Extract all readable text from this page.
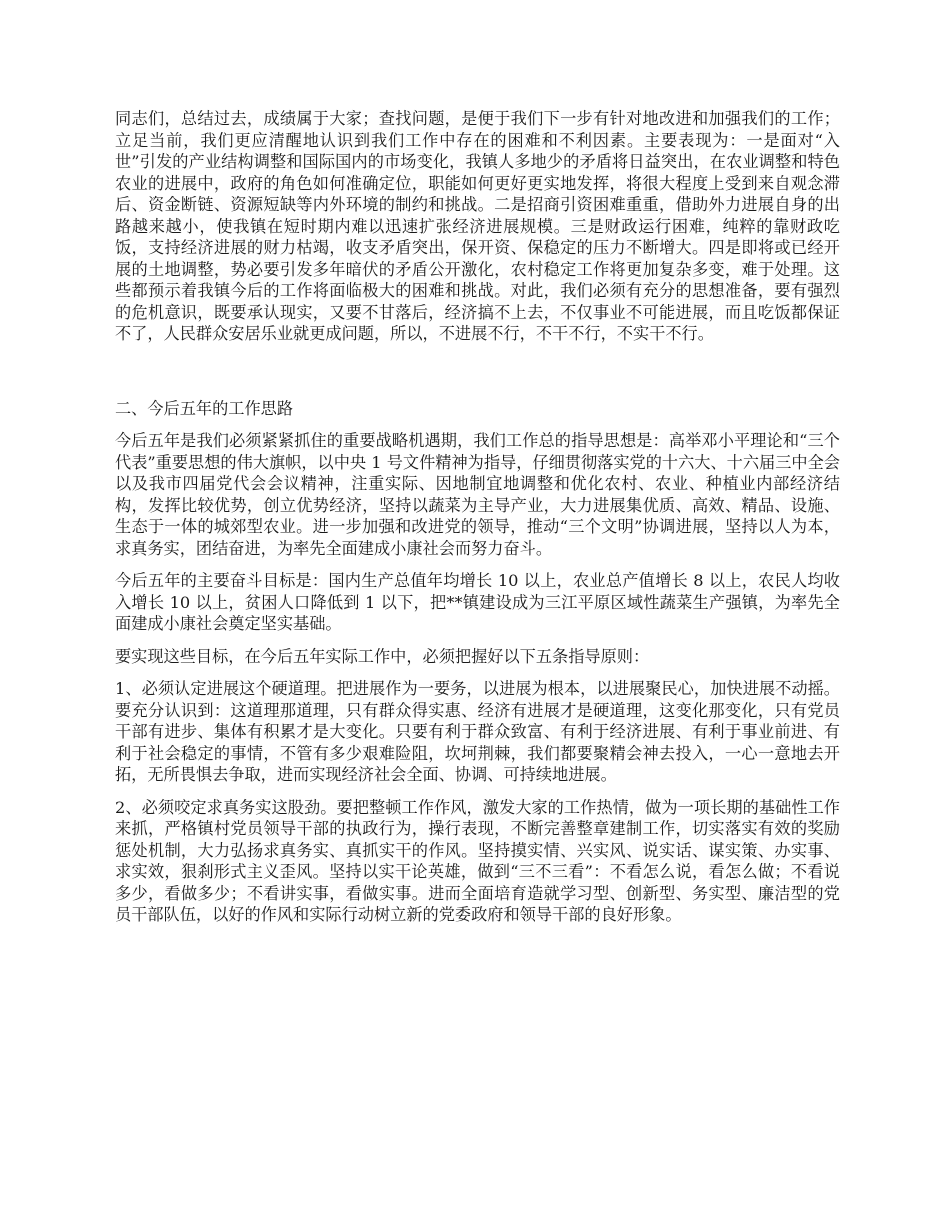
同志们，总结过去，成绩属于大家；查找问题，是便于我们下一步有针对地改进和加强我们的工作；立足当前，我们更应清醒地认识到我们工作中存在的困难和不利因素。主要表现为：一是面对“入世”引发的产业结构调整和国际国内的市场变化，我镇人多地少的矛盾将日益突出，在农业调整和特色农业的进展中，政府的角色如何准确定位，职能如何更好更实地发挥，将很大程度上受到来自观念滞后、资金断链、资源短缺等内外环境的制约和挑战。二是招商引资困难重重，借助外力进展自身的出路越来越小，使我镇在短时期内难以迅速扩张经济进展规模。三是财政运行困难，纯粹的靠财政吃饭，支持经济进展的财力枯竭，收支矛盾突出，保开资、保稳定的压力不断增大。四是即将或已经开展的土地调整，势必要引发多年暗伏的矛盾公开激化，农村稳定工作将更加复杂多变，难于处理。这些都预示着我镇今后的工作将面临极大的困难和挑战。对此，我们必须有充分的思想准备，要有强烈的危机意识，既要承认现实，又要不甘落后，经济搞不上去，不仅事业不可能进展，而且吃饭都保证不了，人民群众安居乐业就更成问题，所以，不进展不行，不干不行，不实干不行。

二、今后五年的工作思路

今后五年是我们必须紧紧抓住的重要战略机遇期，我们工作总的指导思想是：高举邓小平理论和“三个代表”重要思想的伟大旗帜，以中央 1 号文件精神为指导，仔细贯彻落实党的十六大、十六届三中全会以及我市四届党代会会议精神，注重实际、因地制宜地调整和优化农村、农业、种植业内部经济结构，发挥比较优势，创立优势经济，坚持以蔬菜为主导产业，大力进展集优质、高效、精品、设施、生态于一体的城郊型农业。进一步加强和改进党的领导，推动“三个文明”协调进展，坚持以人为本，求真务实，团结奋进，为率先全面建成小康社会而努力奋斗。

今后五年的主要奋斗目标是：国内生产总值年均增长 10 以上，农业总产值增长 8 以上，农民人均收入增长 10 以上，贫困人口降低到 1 以下，把**镇建设成为三江平原区域性蔬菜生产强镇，为率先全面建成小康社会奠定坚实基础。

要实现这些目标，在今后五年实际工作中，必须把握好以下五条指导原则：

1、必须认定进展这个硬道理。把进展作为一要务，以进展为根本，以进展聚民心，加快进展不动摇。要充分认识到：这道理那道理，只有群众得实惠、经济有进展才是硬道理，这变化那变化，只有党员干部有进步、集体有积累才是大变化。只要有利于群众致富、有利于经济进展、有利于事业前进、有利于社会稳定的事情，不管有多少艰难险阻，坎坷荆棘，我们都要聚精会神去投入，一心一意地去开拓，无所畏惧去争取，进而实现经济社会全面、协调、可持续地进展。

2、必须咬定求真务实这股劲。要把整顿工作作风，激发大家的工作热情，做为一项长期的基础性工作来抓，严格镇村党员领导干部的执政行为，操行表现，不断完善整章建制工作，切实落实有效的奖励惩处机制，大力弘扬求真务实、真抓实干的作风。坚持摸实情、兴实风、说实话、谋实策、办实事、求实效，狠刹形式主义歪风。坚持以实干论英雄，做到“三不三看”：不看怎么说，看怎么做；不看说多少，看做多少；不看讲实事，看做实事。进而全面培育造就学习型、创新型、务实型、廉洁型的党员干部队伍，以好的作风和实际行动树立新的党委政府和领导干部的良好形象。
